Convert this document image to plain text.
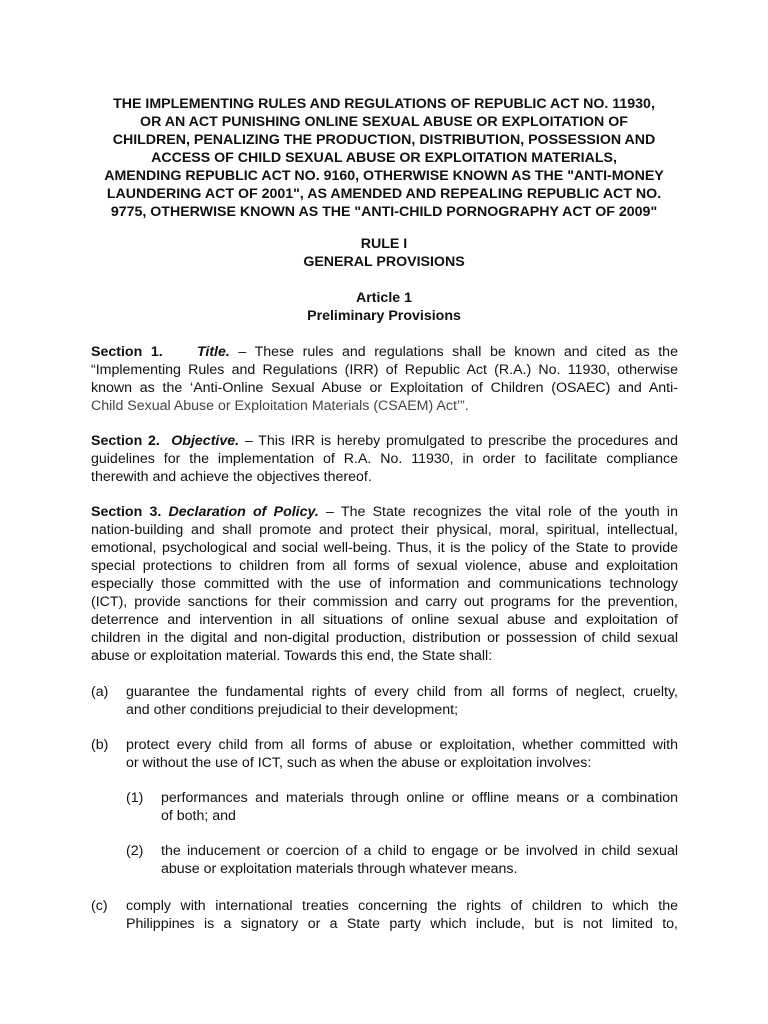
THE IMPLEMENTING RULES AND REGULATIONS OF REPUBLIC ACT NO. 11930,
OR AN ACT PUNISHING ONLINE SEXUAL ABUSE OR EXPLOITATION OF
CHILDREN, PENALIZING THE PRODUCTION, DISTRIBUTION, POSSESSION AND
ACCESS OF CHILD SEXUAL ABUSE OR EXPLOITATION MATERIALS,
AMENDING REPUBLIC ACT NO. 9160, OTHERWISE KNOWN AS THE "ANTI-MONEY
LAUNDERING ACT OF 2001", AS AMENDED AND REPEALING REPUBLIC ACT NO.
9775, OTHERWISE KNOWN AS THE "ANTI-CHILD PORNOGRAPHY ACT OF 2009"
RULE I
GENERAL PROVISIONS
Article 1
Preliminary Provisions
Section 1. Title. – These rules and regulations shall be known and cited as the
“Implementing Rules and Regulations (IRR) of Republic Act (R.A.) No. 11930, otherwise
known as the ‘Anti-Online Sexual Abuse or Exploitation of Children (OSAEC) and Anti-
Child Sexual Abuse or Exploitation Materials (CSAEM) Act’”.
Section 2. Objective. – This IRR is hereby promulgated to prescribe the procedures and
guidelines for the implementation of R.A. No. 11930, in order to facilitate compliance
therewith and achieve the objectives thereof.
Section 3. Declaration of Policy. – The State recognizes the vital role of the youth in
nation-building and shall promote and protect their physical, moral, spiritual, intellectual,
emotional, psychological and social well-being. Thus, it is the policy of the State to provide
special protections to children from all forms of sexual violence, abuse and exploitation
especially those committed with the use of information and communications technology
(ICT), provide sanctions for their commission and carry out programs for the prevention,
deterrence and intervention in all situations of online sexual abuse and exploitation of
children in the digital and non-digital production, distribution or possession of child sexual
abuse or exploitation material. Towards this end, the State shall:
(a) guarantee the fundamental rights of every child from all forms of neglect, cruelty,
and other conditions prejudicial to their development;
(b) protect every child from all forms of abuse or exploitation, whether committed with
or without the use of ICT, such as when the abuse or exploitation involves:
(1) performances and materials through online or offline means or a combination
of both; and
(2) the inducement or coercion of a child to engage or be involved in child sexual
abuse or exploitation materials through whatever means.
(c) comply with international treaties concerning the rights of children to which the
Philippines is a signatory or a State party which include, but is not limited to,
